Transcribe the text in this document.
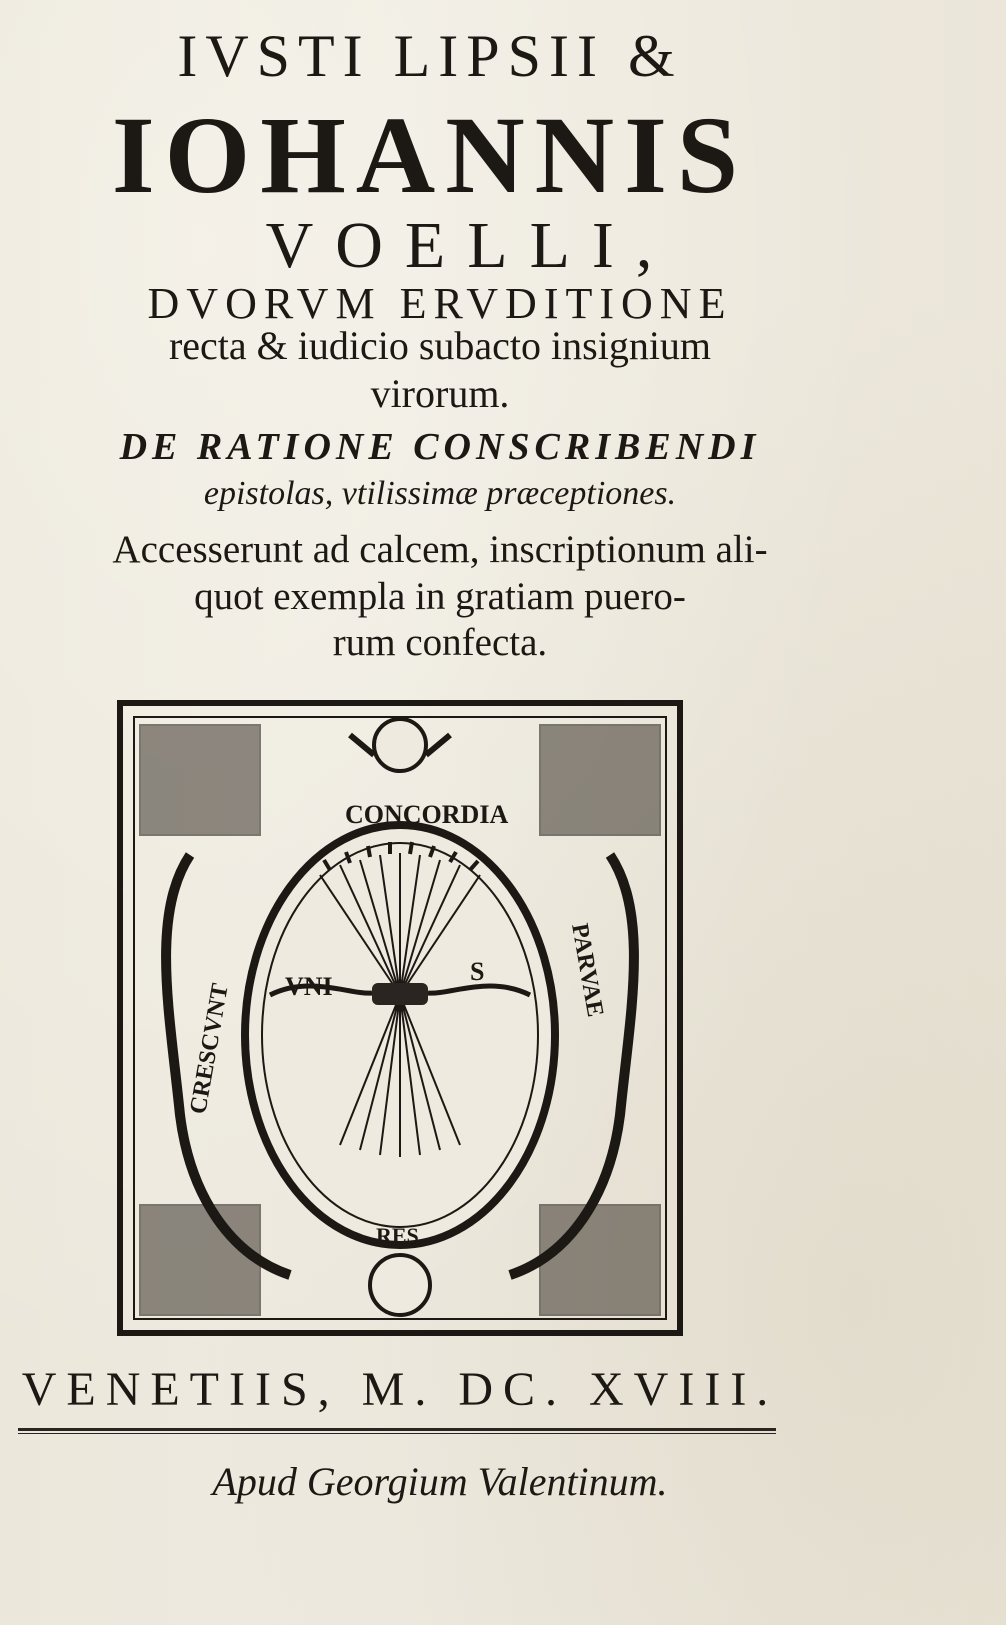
IVSTI LIPSII &
IOHANNIS
VOELLI,
DVORVM ERVDITIONE
recta & iudicio subacto insignium
virorum.
DE RATIONE CONSCRIBENDI
epistolas, vtilissimæ præceptiones.
Accesserunt ad calcem, inscriptionum ali-
quot exempla in gratiam puero-
rum confecta.
CONCORDIA
CRESCVNT
PARVAE
VNI
S
RES
VENETIIS, M. DC. XVIII.
Apud Georgium Valentinum.
